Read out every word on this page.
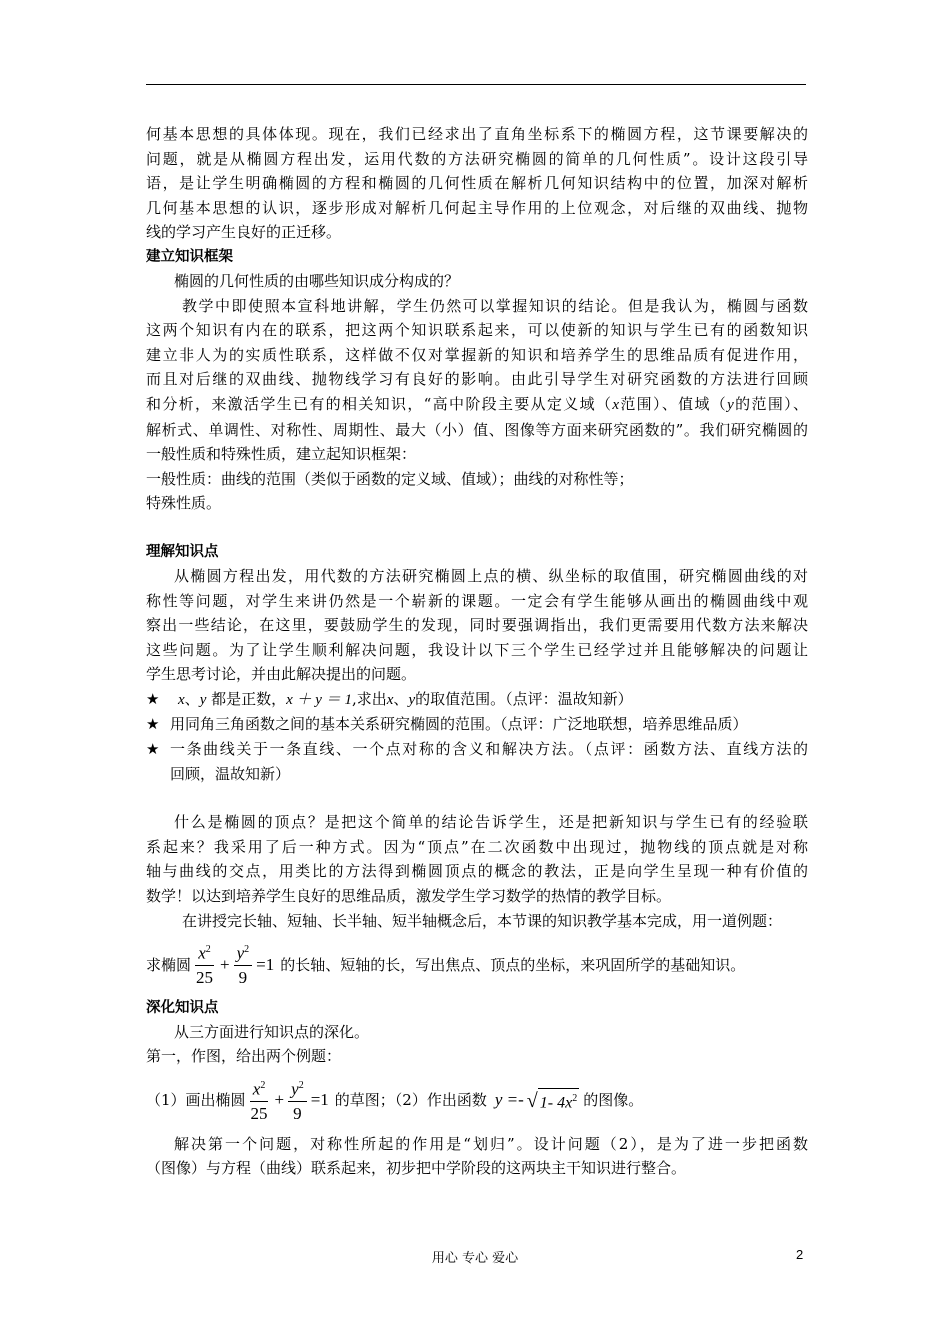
何基本思想的具体体现。现在，我们已经求出了直角坐标系下的椭圆方程，这节课要解决的

问题，就是从椭圆方程出发，运用代数的方法研究椭圆的简单的几何性质”。设计这段引导

语，是让学生明确椭圆的方程和椭圆的几何性质在解析几何知识结构中的位置，加深对解析

几何基本思想的认识，逐步形成对解析几何起主导作用的上位观念，对后继的双曲线、抛物

线的学习产生良好的正迁移。

建立知识框架

椭圆的几何性质的由哪些知识成分构成的？

教学中即使照本宣科地讲解，学生仍然可以掌握知识的结论。但是我认为，椭圆与函数

这两个知识有内在的联系，把这两个知识联系起来，可以使新的知识与学生已有的函数知识

建立非人为的实质性联系，这样做不仅对掌握新的知识和培养学生的思维品质有促进作用，

而且对后继的双曲线、抛物线学习有良好的影响。由此引导学生对研究函数的方法进行回顾

和分析，来激活学生已有的相关知识，“高中阶段主要从定义域（x范围）、值域（y的范围）、

解析式、单调性、对称性、周期性、最大（小）值、图像等方面来研究函数的”。我们研究椭圆的

一般性质和特殊性质，建立起知识框架：

一般性质：曲线的范围（类似于函数的定义域、值域）；曲线的对称性等；

特殊性质。

理解知识点

从椭圆方程出发，用代数的方法研究椭圆上点的横、纵坐标的取值围，研究椭圆曲线的对

称性等问题，对学生来讲仍然是一个崭新的课题。一定会有学生能够从画出的椭圆曲线中观

察出一些结论，在这里，要鼓励学生的发现，同时要强调指出，我们更需要用代数方法来解决

这些问题。为了让学生顺利解决问题，我设计以下三个学生已经学过并且能够解决的问题让

学生思考讨论，并由此解决提出的问题。

★	x、y 都是正数，x ＋ y ＝ 1,求出x、y的取值范围。（点评：温故知新）
★ 用同角三角函数之间的基本关系研究椭圆的范围。（点评：广泛地联想，培养思维品质）
★ 一条曲线关于一条直线、一个点对称的含义和解决方法。（点评：函数方法、直线方法的
回顾，温故知新）

什么是椭圆的顶点？是把这个简单的结论告诉学生，还是把新知识与学生已有的经验联

系起来？我采用了后一种方式。因为“顶点”在二次函数中出现过，抛物线的顶点就是对称

轴与曲线的交点，用类比的方法得到椭圆顶点的概念的教法，正是向学生呈现一种有价值的

数学！以达到培养学生良好的思维品质，激发学生学习数学的热情的教学目标。

在讲授完长轴、短轴、长半轴、短半轴概念后，本节课的知识教学基本完成，用一道例题：

求椭圆 $\frac{x^2}{25} + \frac{y^2}{9} =1$ 的长轴、短轴的长，写出焦点、顶点的坐标，来巩固所学的基础知识。
深化知识点

从三方面进行知识点的深化。

第一，作图，给出两个例题：

（1）画出椭圆 $\frac{x^2}{25} + \frac{y^2}{9} =1$ 的草图；（2）作出函数 y =- √ 1- $4x^2$ 的图像。

解决第一个问题，对称性所起的作用是“划归”。设计问题（2），是为了进一步把函数

（图像）与方程（曲线）联系起来，初步把中学阶段的这两块主干知识进行整合。

用心 专心 爱心	2
